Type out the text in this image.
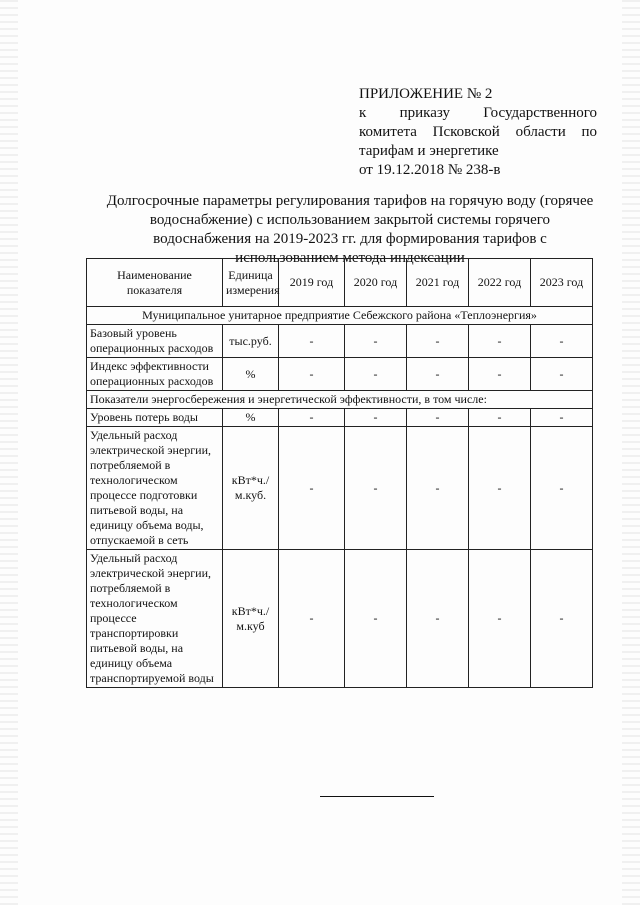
ПРИЛОЖЕНИЕ № 2
к приказу Государственного
комитета Псковской области по
тарифам и энергетике
от 19.12.2018 № 238-в
Долгосрочные параметры регулирования тарифов на горячую воду (горячее водоснабжение) с использованием закрытой системы горячего водоснабжения на 2019-2023 гг. для формирования тарифов с использованием метода индексации
Наименование показателя	Единица измерения	2019 год	2020 год	2021 год	2022 год	2023 год
Муниципальное унитарное предприятие Себежского района «Теплоэнергия»						
Базовый уровень операционных расходов	тыс.руб.	-	-	-	-	-
Индекс эффективности операционных расходов	%	-	-	-	-	-
Показатели энергосбережения и энергетической эффективности, в том числе:						
Уровень потерь воды	%	-	-	-	-	-
Удельный расход электрической энергии, потребляемой в технологическом процессе подготовки питьевой воды, на единицу объема воды, отпускаемой в сеть	кВт*ч./м.куб.	-	-	-	-	-
Удельный расход электрической энергии, потребляемой в технологическом процессе транспортировки питьевой воды, на единицу объема транспортируемой воды	кВт*ч./м.куб	-	-	-	-	-
